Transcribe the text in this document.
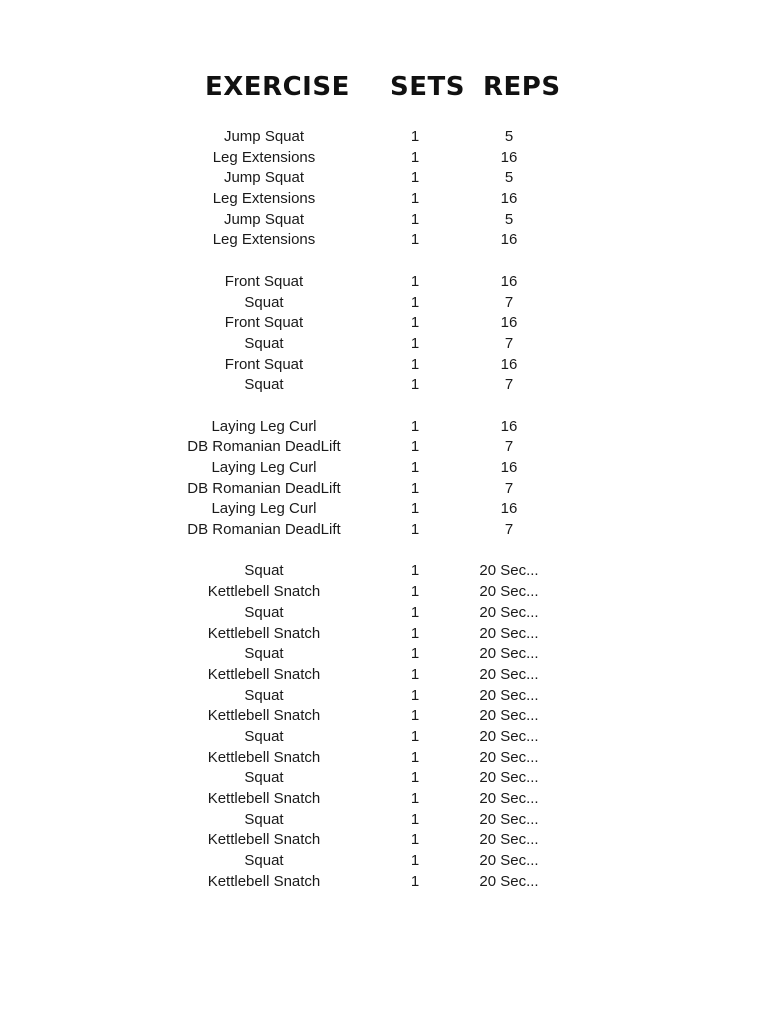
EXERCISE SETS REPS
Jump Squat	1	5
Leg Extensions	1	16
Jump Squat	1	5
Leg Extensions	1	16
Jump Squat	1	5
Leg Extensions	1	16
Front Squat	1	16
Squat	1	7
Front Squat	1	16
Squat	1	7
Front Squat	1	16
Squat	1	7
Laying Leg Curl	1	16
DB Romanian DeadLift	1	7
Laying Leg Curl	1	16
DB Romanian DeadLift	1	7
Laying Leg Curl	1	16
DB Romanian DeadLift	1	7
Squat	1	20 Sec...
Kettlebell Snatch	1	20 Sec...
Squat	1	20 Sec...
Kettlebell Snatch	1	20 Sec...
Squat	1	20 Sec...
Kettlebell Snatch	1	20 Sec...
Squat	1	20 Sec...
Kettlebell Snatch	1	20 Sec...
Squat	1	20 Sec...
Kettlebell Snatch	1	20 Sec...
Squat	1	20 Sec...
Kettlebell Snatch	1	20 Sec...
Squat	1	20 Sec...
Kettlebell Snatch	1	20 Sec...
Squat	1	20 Sec...
Kettlebell Snatch	1	20 Sec...
